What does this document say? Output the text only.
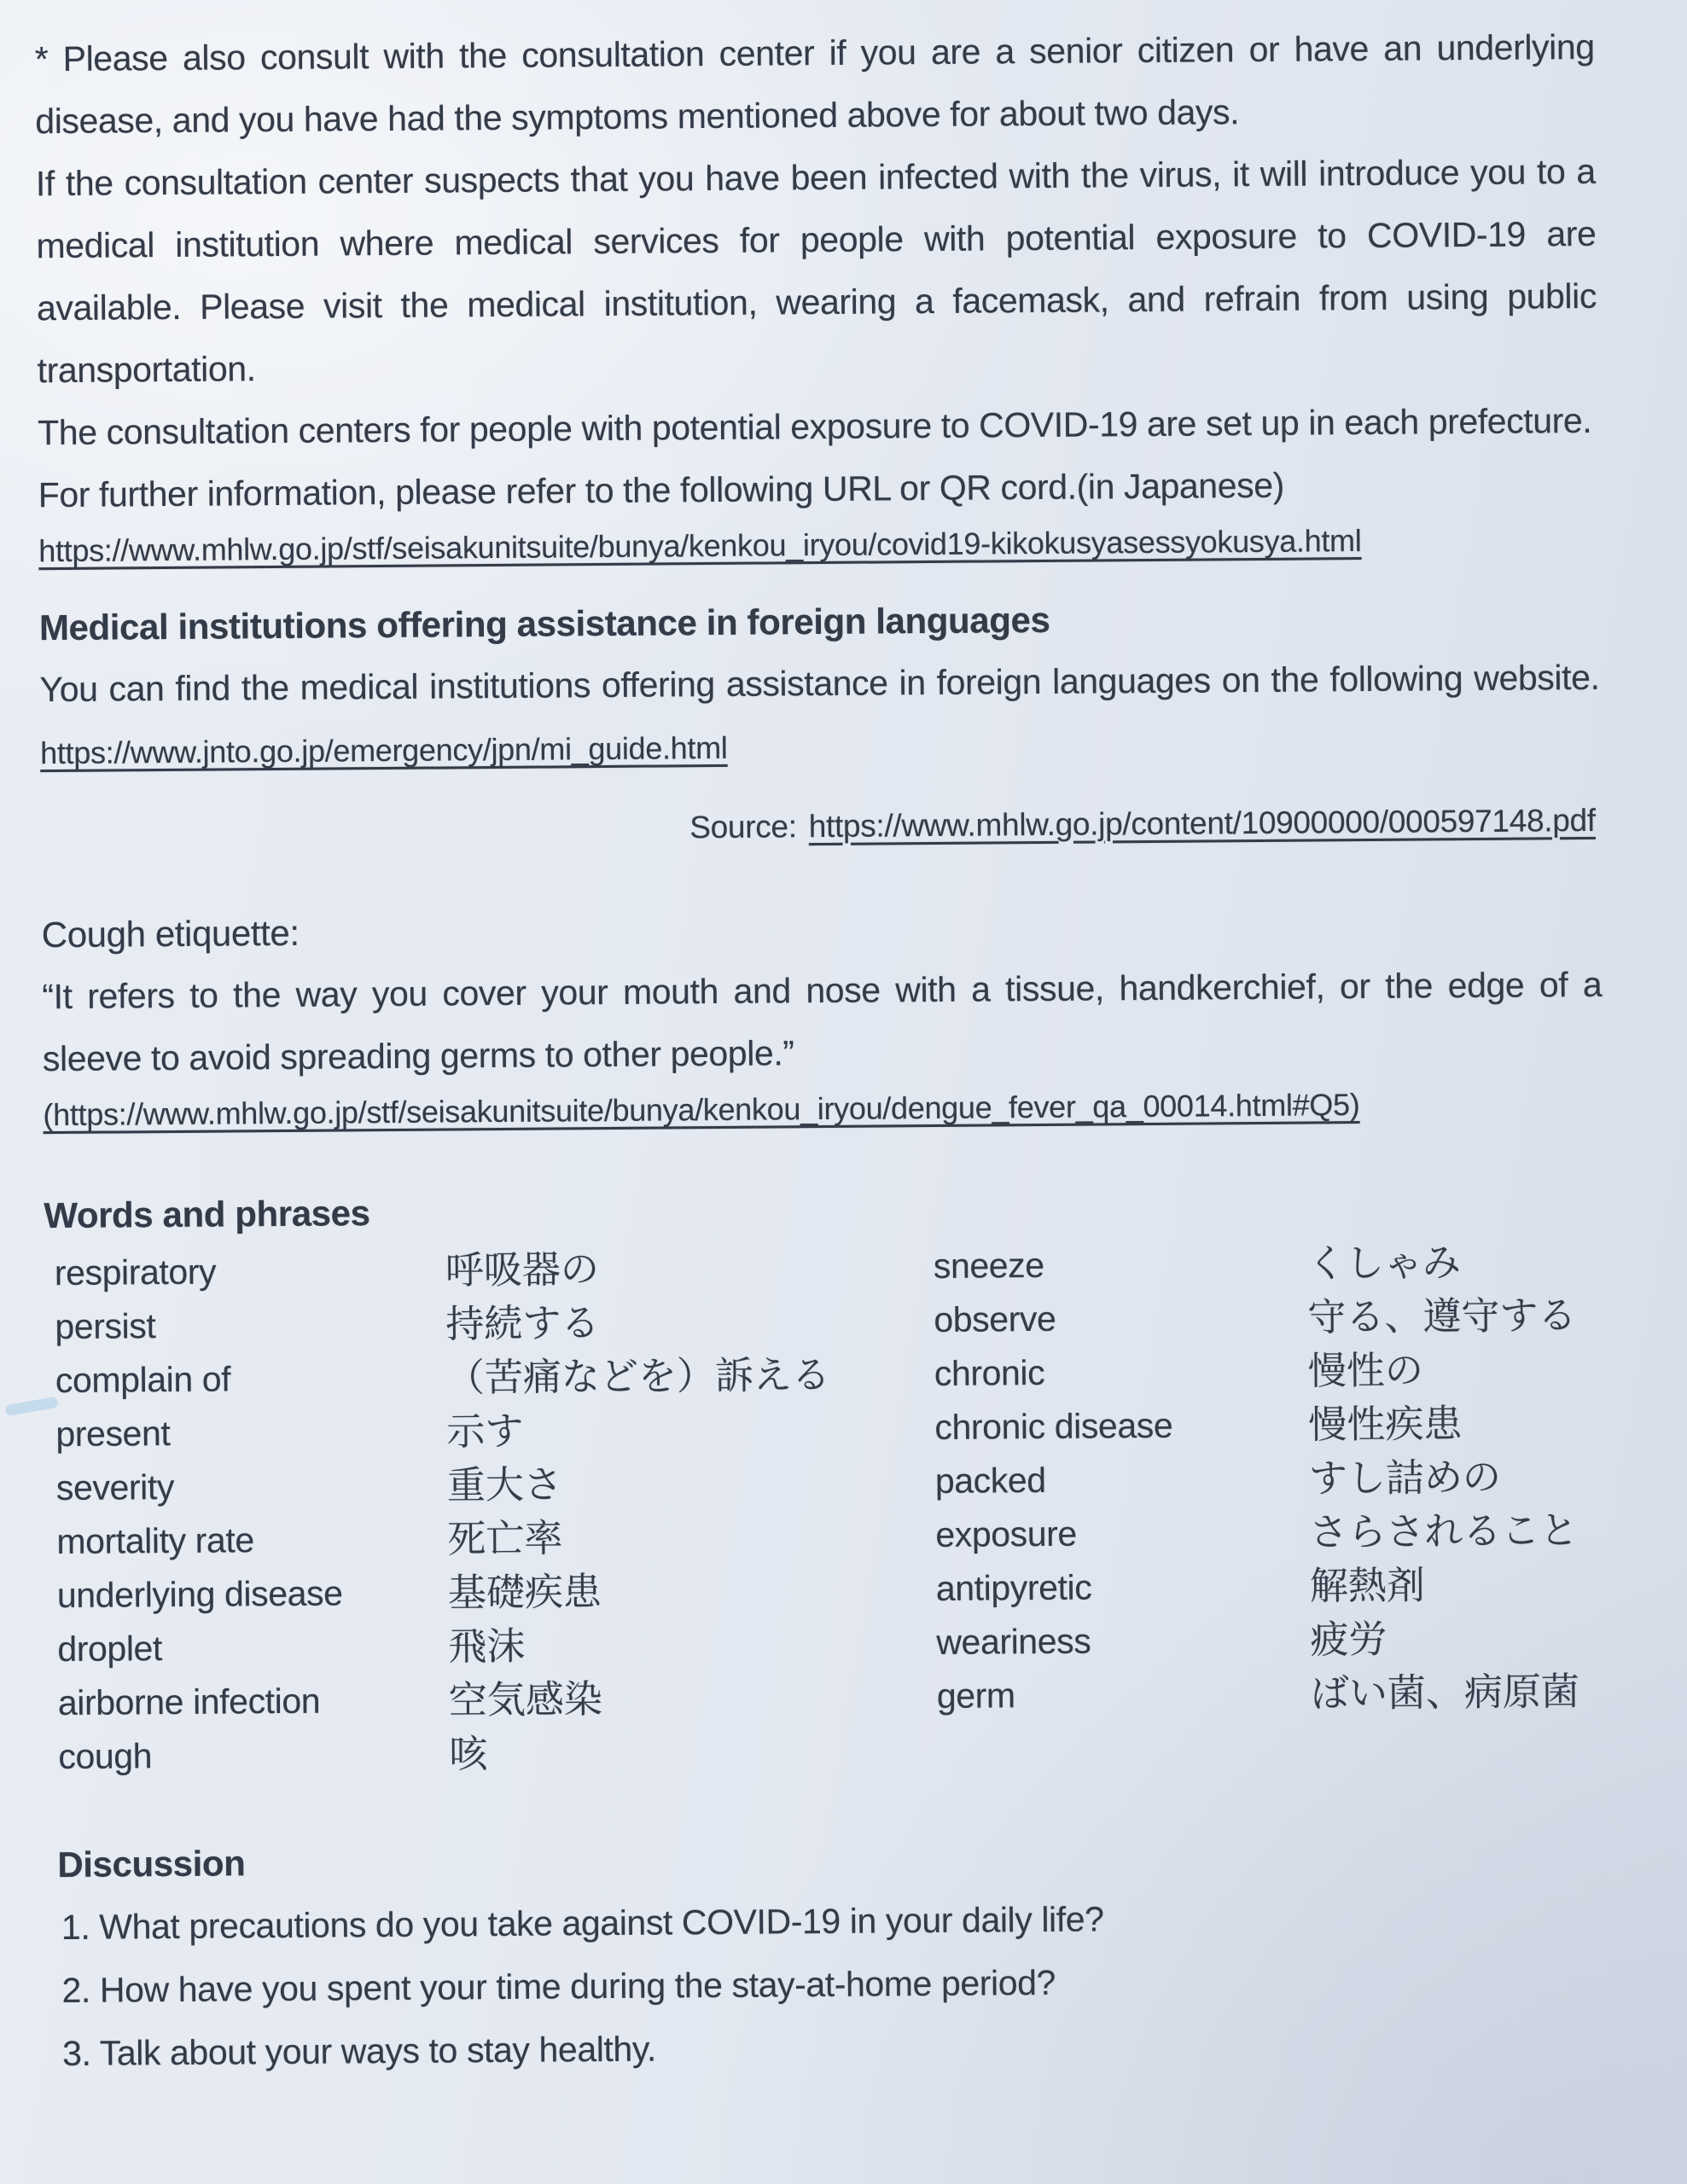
* Please also consult with the consultation center if you are a senior citizen or have an underlying disease, and you have had the symptoms mentioned above for about two days.

If the consultation center suspects that you have been infected with the virus, it will introduce you to a medical institution where medical services for people with potential exposure to COVID-19 are available. Please visit the medical institution, wearing a facemask, and refrain from using public transportation.

The consultation centers for people with potential exposure to COVID-19 are set up in each prefecture.

For further information, please refer to the following URL or QR cord.(in Japanese)

https://www.mhlw.go.jp/stf/seisakunitsuite/bunya/kenkou_iryou/covid19-kikokusyasessyokusya.html

Medical institutions offering assistance in foreign languages

You can find the medical institutions offering assistance in foreign languages on the following website. https://www.jnto.go.jp/emergency/jpn/mi_guide.html

Source: https://www.mhlw.go.jp/content/10900000/000597148.pdf

Cough etiquette:

“It refers to the way you cover your mouth and nose with a tissue, handkerchief, or the edge of a sleeve to avoid spreading germs to other people.”

(https://www.mhlw.go.jp/stf/seisakunitsuite/bunya/kenkou_iryou/dengue_fever_qa_00014.html#Q5)

Words and phrases
respiratory	呼吸器の	sneeze	くしゃみ
persist	持続する	observe	守る、遵守する
complain of	（苦痛などを）訴える	chronic	慢性の
present	示す	chronic disease	慢性疾患
severity	重大さ	packed	すし詰めの
mortality rate	死亡率	exposure	さらされること
underlying disease	基礎疾患	antipyretic	解熱剤
droplet	飛沫	weariness	疲労
airborne infection	空気感染	germ	ばい菌、病原菌
cough	咳
Discussion

1. What precautions do you take against COVID-19 in your daily life?

2. How have you spent your time during the stay-at-home period?

3. Talk about your ways to stay healthy.
